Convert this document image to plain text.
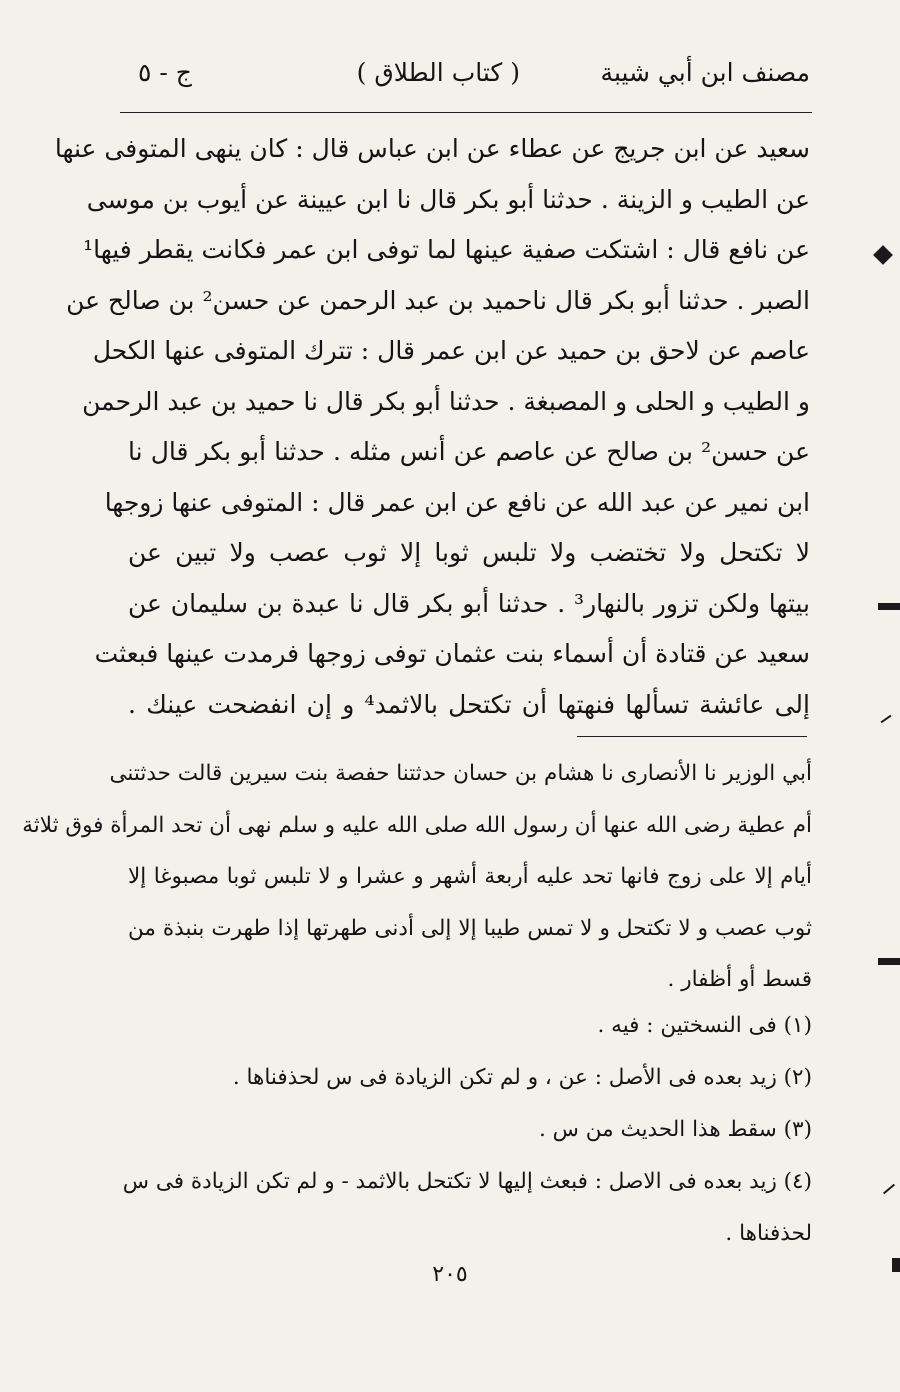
مصنف ابن أبي شيبة
( كتاب الطلاق )
ج - ٥
سعيد عن ابن جريج عن عطاء عن ابن عباس قال : كان ينهى المتوفى عنها
عن الطيب و الزينة . حدثنا أبو بكر قال نا ابن عيينة عن أيوب بن موسى
عن نافع قال : اشتكت صفية عينها لما توفى ابن عمر فكانت يقطر فيها¹
الصبر . حدثنا أبو بكر قال ناحميد بن عبد الرحمن عن حسن² بن صالح عن
عاصم عن لاحق بن حميد عن ابن عمر قال : تترك المتوفى عنها الكحل
و الطيب و الحلى و المصبغة . حدثنا أبو بكر قال نا حميد بن عبد الرحمن
عن حسن² بن صالح عن عاصم عن أنس مثله . حدثنا أبو بكر قال نا
ابن نمير عن عبد الله عن نافع عن ابن عمر قال : المتوفى عنها زوجها
لا تكتحل ولا تختضب ولا تلبس ثوبا إلا ثوب عصب ولا تبين عن
بيتها ولكن تزور بالنهار³ . حدثنا أبو بكر قال نا عبدة بن سليمان عن
سعيد عن قتادة أن أسماء بنت عثمان توفى زوجها فرمدت عينها فبعثت
إلى عائشة تسألها فنهتها أن تكتحل بالاثمد⁴ و إن انفضحت عينك .
أبي الوزير نا الأنصارى نا هشام بن حسان حدثتنا حفصة بنت سيرين قالت حدثتنى
أم عطية رضى الله عنها أن رسول الله صلى الله عليه و سلم نهى أن تحد المرأة فوق ثلاثة
أيام إلا على زوج فانها تحد عليه أربعة أشهر و عشرا و لا تلبس ثوبا مصبوغا إلا
ثوب عصب و لا تكتحل و لا تمس طيبا إلا إلى أدنى طهرتها إذا طهرت بنبذة من
قسط أو أظفار .
(١) فى النسختين : فيه .
(٢) زيد بعده فى الأصل : عن ، و لم تكن الزيادة فى س لحذفناها .
(٣) سقط هذا الحديث من س .
(٤) زيد بعده فى الاصل : فبعث إليها لا تكتحل بالاثمد - و لم تكن الزيادة فى س
لحذفناها .
٢٠٥
